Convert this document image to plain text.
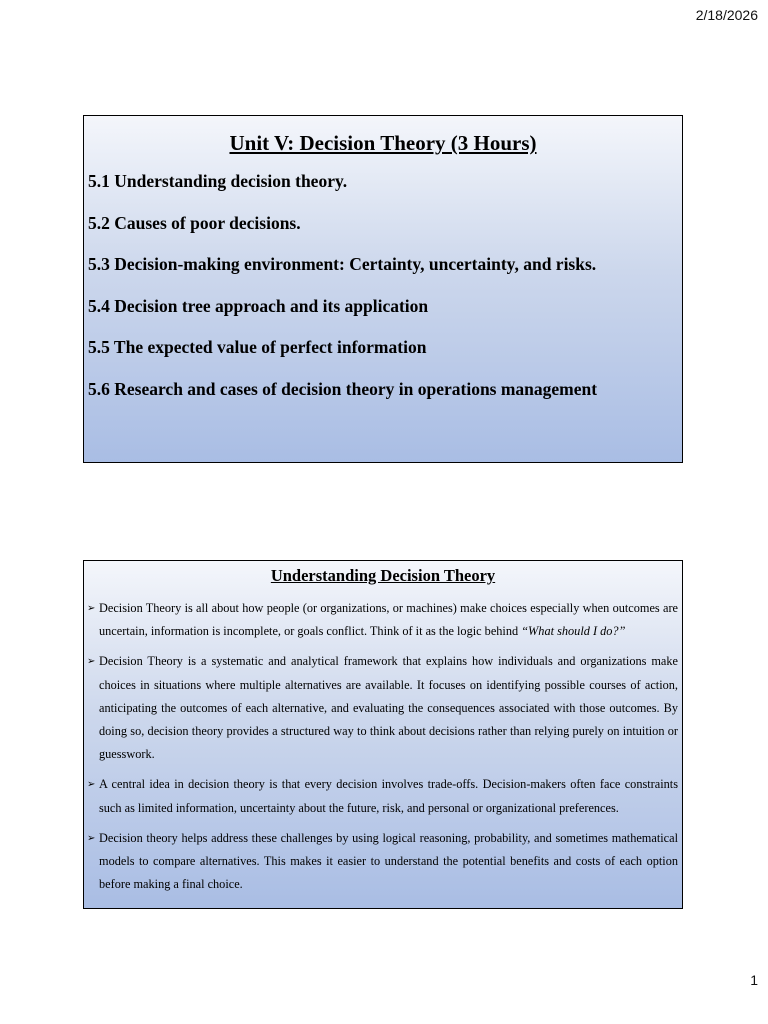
2/18/2026
Unit V: Decision Theory (3 Hours)
5.1 Understanding decision theory.
5.2 Causes of poor decisions.
5.3 Decision-making environment: Certainty, uncertainty, and risks.
5.4 Decision tree approach and its application
5.5 The expected value of perfect information
5.6 Research and cases of decision theory in operations management
Understanding Decision Theory
➢ Decision Theory is all about how people (or organizations, or machines) make choices especially when outcomes are uncertain, information is incomplete, or goals conflict. Think of it as the logic behind “What should I do?”
➢ Decision Theory is a systematic and analytical framework that explains how individuals and organizations make choices in situations where multiple alternatives are available. It focuses on identifying possible courses of action, anticipating the outcomes of each alternative, and evaluating the consequences associated with those outcomes. By doing so, decision theory provides a structured way to think about decisions rather than relying purely on intuition or guesswork.
➢ A central idea in decision theory is that every decision involves trade-offs. Decision-makers often face constraints such as limited information, uncertainty about the future, risk, and personal or organizational preferences.
➢ Decision theory helps address these challenges by using logical reasoning, probability, and sometimes mathematical models to compare alternatives. This makes it easier to understand the potential benefits and costs of each option before making a final choice.
1
